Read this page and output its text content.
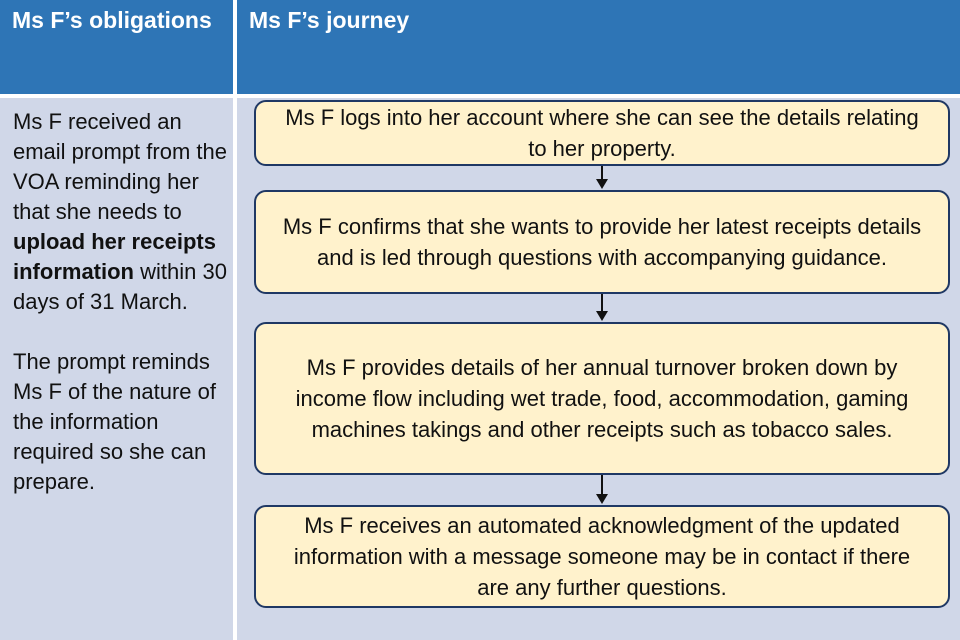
Ms F’s obligations	Ms F’s journey

Ms F received an email prompt from the VOA reminding her that she needs to upload her receipts information within 30 days of 31 March.

The prompt reminds Ms F of the nature of the information required so she can prepare.

Ms F logs into her account where she can see the details relating to her property.
Ms F confirms that she wants to provide her latest receipts details and is led through questions with accompanying guidance.
Ms F provides details of her annual turnover broken down by income flow including wet trade, food, accommodation, gaming machines takings and other receipts such as tobacco sales.
Ms F receives an automated acknowledgment of the updated information with a message someone may be in contact if there are any further questions.
